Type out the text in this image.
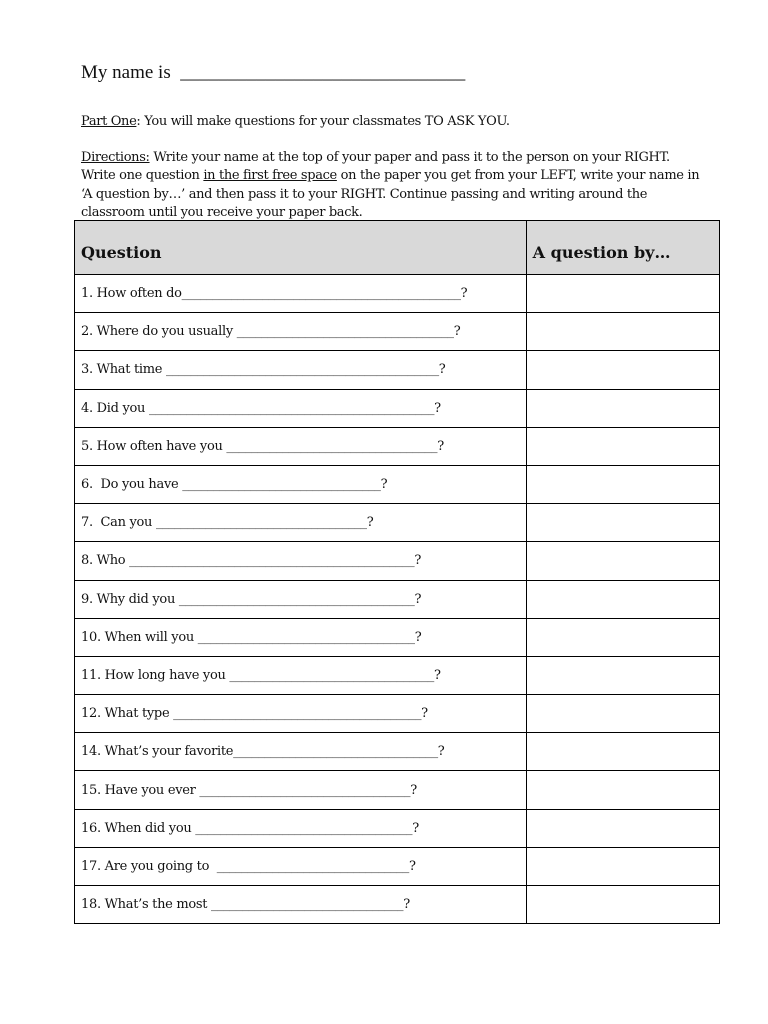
My name is  ______________________________
Part One: You will make questions for your classmates TO ASK YOU.
Directions: Write your name at the top of your paper and pass it to the person on your RIGHT. Write one question in the first free space on the paper you get from your LEFT, write your name in ‘A question by…’ and then pass it to your RIGHT. Continue passing and writing around the classroom until you receive your paper back.
Question	A question by…
1. How often do_____________________________________________?	
2. Where do you usually ___________________________________?	
3. What time ____________________________________________?	
4. Did you ______________________________________________?	
5. How often have you __________________________________?	
6.  Do you have ________________________________?	
7.  Can you __________________________________?	
8. Who ______________________________________________?	
9. Why did you ______________________________________?	
10. When will you ___________________________________?	
11. How long have you _________________________________?	
12. What type ________________________________________?	
14. What’s your favorite_________________________________?	
15. Have you ever __________________________________?	
16. When did you ___________________________________?	
17. Are you going to  _______________________________?	
18. What’s the most _______________________________?	
